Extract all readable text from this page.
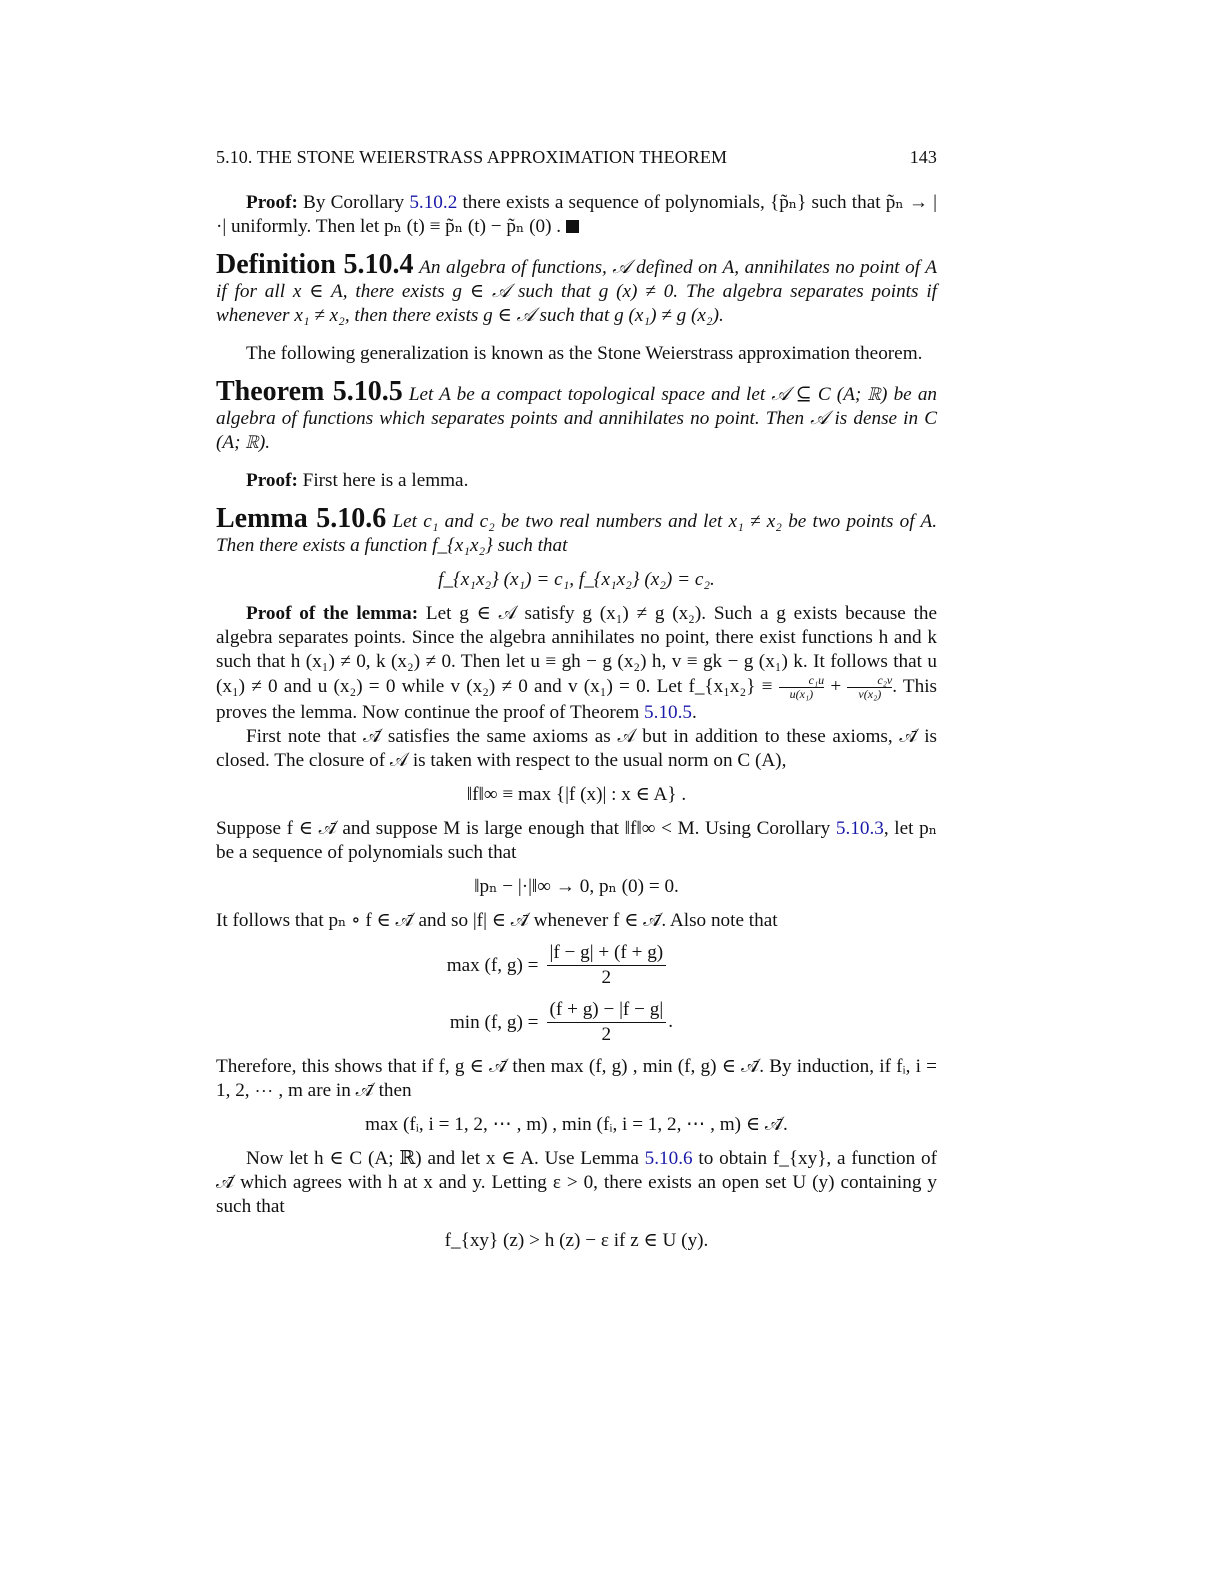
5.10. THE STONE WEIERSTRASS APPROXIMATION THEOREM	143

Proof: By Corollary 5.10.2 there exists a sequence of polynomials, {p̃ₙ} such that p̃ₙ → |·| uniformly. Then let pₙ (t) ≡ p̃ₙ (t) − p̃ₙ (0) .

Definition 5.10.4 An algebra of functions, 𝒜 defined on A, annihilates no point of A if for all x ∈ A, there exists g ∈ 𝒜 such that g (x) ≠ 0. The algebra separates points if whenever x₁ ≠ x₂, then there exists g ∈ 𝒜 such that g (x₁) ≠ g (x₂).

The following generalization is known as the Stone Weierstrass approximation theorem.

Theorem 5.10.5 Let A be a compact topological space and let 𝒜 ⊆ C (A; ℝ) be an algebra of functions which separates points and annihilates no point. Then 𝒜 is dense in C (A; ℝ).

Proof: First here is a lemma.

Lemma 5.10.6 Let c₁ and c₂ be two real numbers and let x₁ ≠ x₂ be two points of A. Then there exists a function f_{x₁x₂} such that

f_{x₁x₂} (x₁) = c₁, f_{x₁x₂} (x₂) = c₂.

Proof of the lemma: Let g ∈ 𝒜 satisfy g (x₁) ≠ g (x₂). Such a g exists because the algebra separates points. Since the algebra annihilates no point, there exist functions h and k such that h (x₁) ≠ 0, k (x₂) ≠ 0. Then let u ≡ gh − g (x₂) h, v ≡ gk − g (x₁) k. It follows that u (x₁) ≠ 0 and u (x₂) = 0 while v (x₂) ≠ 0 and v (x₁) = 0. Let f_{x₁x₂} ≡ $\frac{\text{c₁u}}{\text{u(x₁)}} + \frac{\text{c₂v}}{\text{v(x₂)}}$. This proves the lemma. Now continue the proof of Theorem 5.10.5.

First note that 𝒜̄ satisfies the same axioms as 𝒜 but in addition to these axioms, 𝒜̄ is closed. The closure of 𝒜 is taken with respect to the usual norm on C (A),

‖f‖∞ ≡ max {|f (x)| : x ∈ A} .

Suppose f ∈ 𝒜̄ and suppose M is large enough that ‖f‖∞ < M. Using Corollary 5.10.3, let pₙ be a sequence of polynomials such that

‖pₙ − |·|‖∞ → 0, pₙ (0) = 0.

It follows that pₙ ∘ f ∈ 𝒜̄ and so |f| ∈ 𝒜̄ whenever f ∈ 𝒜̄. Also note that

max (f, $g) = \frac{|f - g| + (f + g)}{2}$
min (f, $g) = \frac{(f + g) - |f - g|}{2}$ .

Therefore, this shows that if f, g ∈ 𝒜̄ then max (f, g) , min (f, g) ∈ 𝒜̄. By induction, if fᵢ, i = 1, 2, ⋯ , m are in 𝒜̄ then

max (fᵢ, i = 1, 2, ⋯ , m) , min (fᵢ, i = 1, 2, ⋯ , m) ∈ 𝒜̄.

Now let h ∈ C (A; ℝ) and let x ∈ A. Use Lemma 5.10.6 to obtain f_{xy}, a function of 𝒜̄ which agrees with h at x and y. Letting ε > 0, there exists an open set U (y) containing y such that

f_{xy} (z) > h (z) − ε if z ∈ U (y).
